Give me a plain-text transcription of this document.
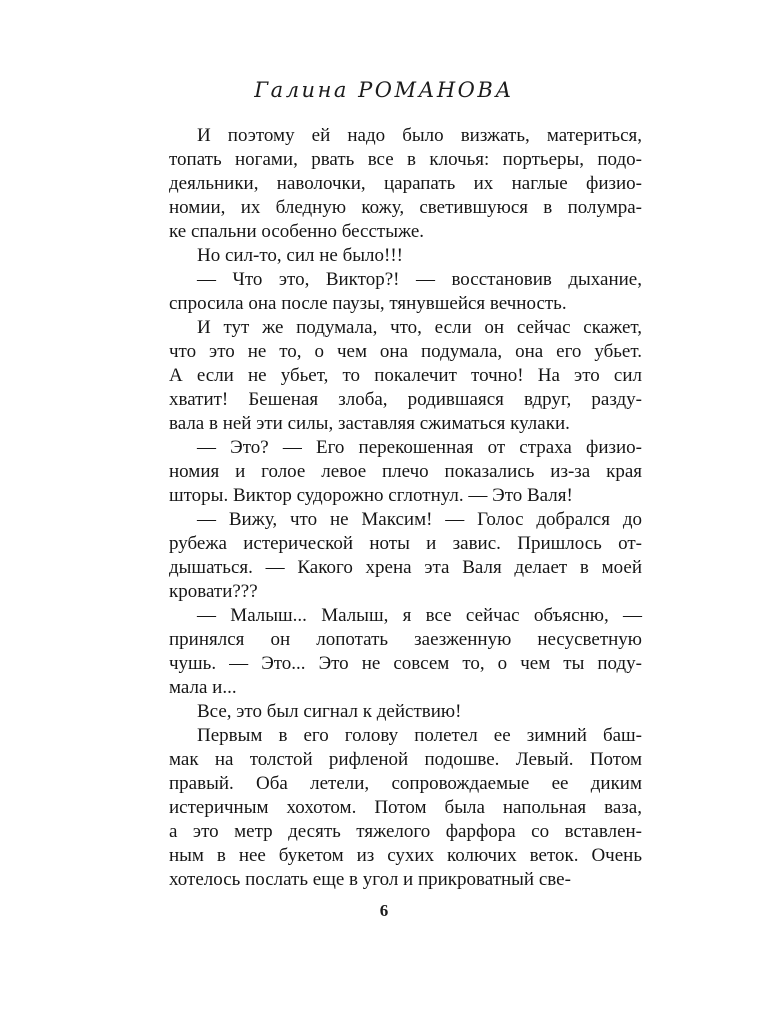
Галина РОМАНОВА
И поэтому ей надо было визжать, материться,
топать ногами, рвать все в клочья: портьеры, подо-
деяльники, наволочки, царапать их наглые физио-
номии, их бледную кожу, светившуюся в полумра-
ке спальни особенно бесстыже.
Но сил-то, сил не было!!!
— Что это, Виктор?! — восстановив дыхание,
спросила она после паузы, тянувшейся вечность.
И тут же подумала, что, если он сейчас скажет,
что это не то, о чем она подумала, она его убьет.
А если не убьет, то покалечит точно! На это сил
хватит! Бешеная злоба, родившаяся вдруг, разду-
вала в ней эти силы, заставляя сжиматься кулаки.
— Это? — Его перекошенная от страха физио-
номия и голое левое плечо показались из-за края
шторы. Виктор судорожно сглотнул. — Это Валя!
— Вижу, что не Максим! — Голос добрался до
рубежа истерической ноты и завис. Пришлось от-
дышаться. — Какого хрена эта Валя делает в моей
кровати???
— Малыш... Малыш, я все сейчас объясню, —
принялся он лопотать заезженную несусветную
чушь. — Это... Это не совсем то, о чем ты поду-
мала и...
Все, это был сигнал к действию!
Первым в его голову полетел ее зимний баш-
мак на толстой рифленой подошве. Левый. Потом
правый. Оба летели, сопровождаемые ее диким
истеричным хохотом. Потом была напольная ваза,
а это метр десять тяжелого фарфора со вставлен-
ным в нее букетом из сухих колючих веток. Очень
хотелось послать еще в угол и прикроватный све-
6
